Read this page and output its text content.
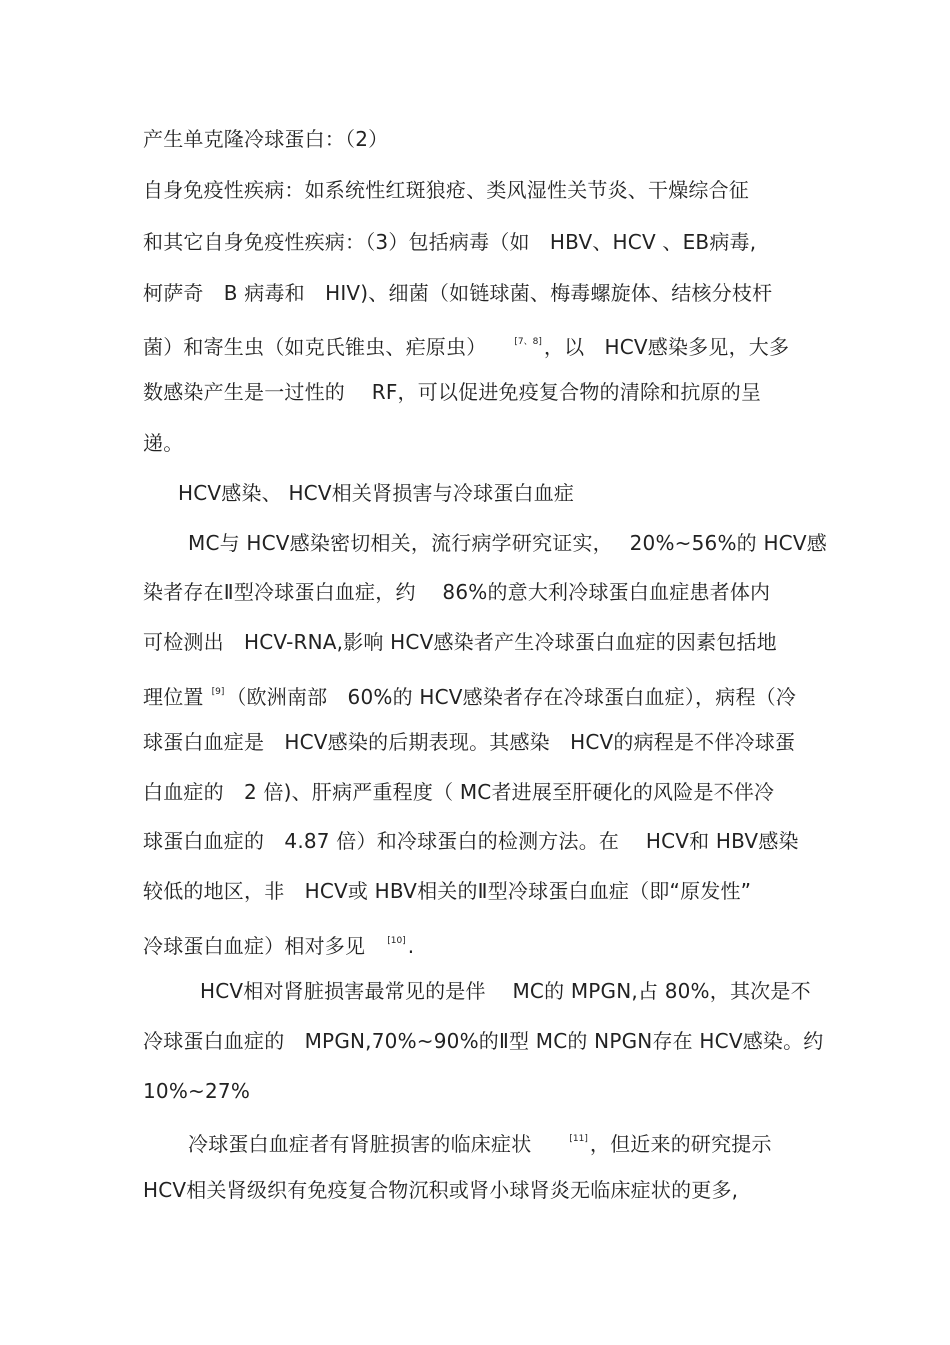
产生单克隆冷球蛋白：（2）
自身免疫性疾病：如系统性红斑狼疮、类风湿性关节炎、干燥综合征
和其它自身免疫性疾病：（3）包括病毒（如　HBV、HCV 、EB病毒,
柯萨奇　B 病毒和　HIV)、细菌（如链球菌、梅毒螺旋体、结核分枝杆
菌）和寄生虫（如克氏锥虫、疟原虫）	[7、8] ，以　HCV感染多见，大多
数感染产生是一过性的　 RF，可以促进免疫复合物的清除和抗原的呈
递。
HCV感染、 HCV相关肾损害与冷球蛋白血症
MC与 HCV感染密切相关，流行病学研究证实，　 20%~56%的 HCV感
染者存在Ⅱ型冷球蛋白血症，约　 86%的意大利冷球蛋白血症患者体内
可检测出　HCV-RNA,影响 HCV感染者产生冷球蛋白血症的因素包括地
理位置 [9] （欧洲南部　60%的 HCV感染者存在冷球蛋白血症），病程（冷
球蛋白血症是　HCV感染的后期表现。其感染　HCV的病程是不伴冷球蛋
白血症的　2 倍)、肝病严重程度（ MC者进展至肝硬化的风险是不伴冷
球蛋白血症的　4.87 倍）和冷球蛋白的检测方法。在　 HCV和 HBV感染
较低的地区，非　HCV或 HBV相关的Ⅱ型冷球蛋白血症（即“原发性”
冷球蛋白血症）相对多见 [10] .
HCV相对肾脏损害最常见的是伴　 MC的 MPGN,占 80%，其次是不
冷球蛋白血症的　MPGN,70%~90%的Ⅱ型 MC的 NPGN存在 HCV感染。约
10%~27%
冷球蛋白血症者有肾脏损害的临床症状	[11] ，但近来的研究提示
HCV相关肾级织有免疫复合物沉积或肾小球肾炎无临床症状的更多,
